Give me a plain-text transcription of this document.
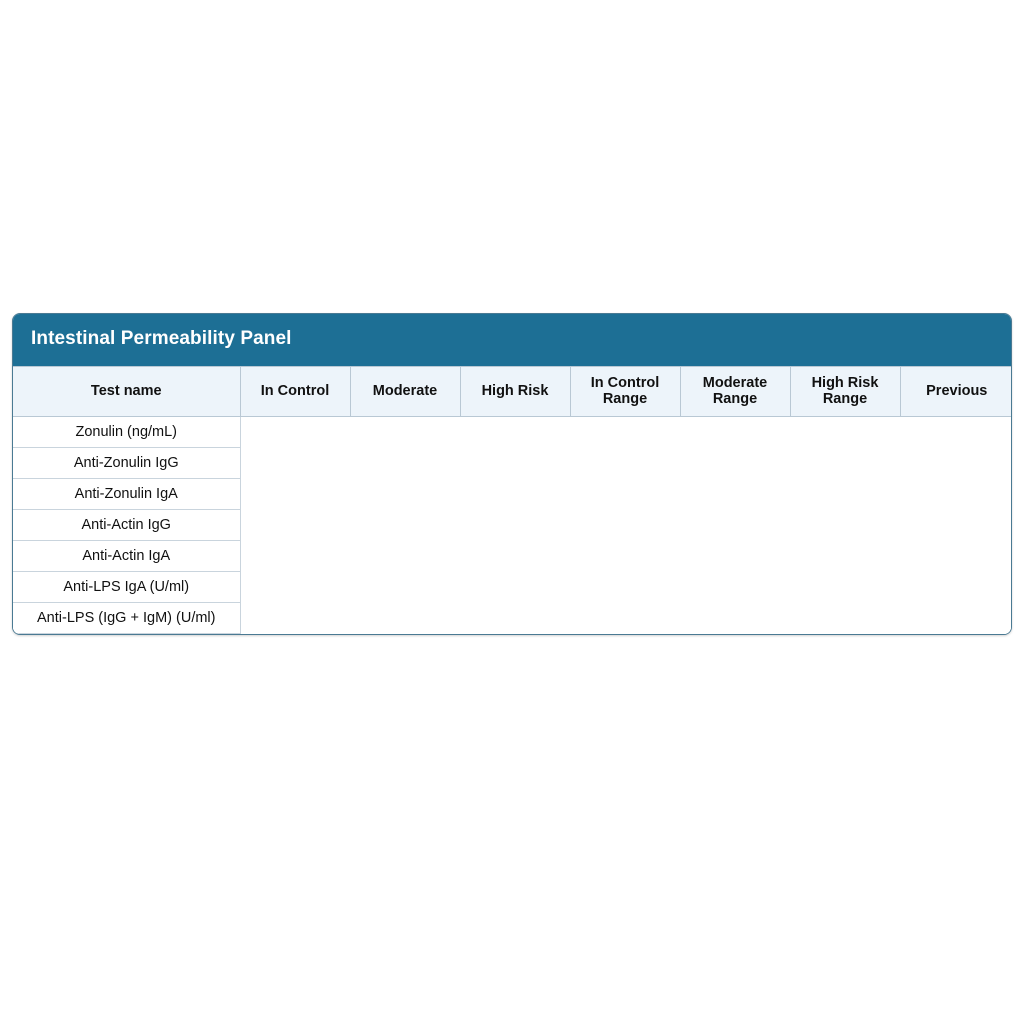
Intestinal Permeability Panel
Test name	In Control	Moderate	High Risk	In Control Range	Moderate Range	High Risk Range	Previous
Zonulin (ng/mL)							
Anti-Zonulin IgG							
Anti-Zonulin IgA							
Anti-Actin IgG							
Anti-Actin IgA							
Anti-LPS IgA (U/ml)							
Anti-LPS (IgG + IgM) (U/ml)							
